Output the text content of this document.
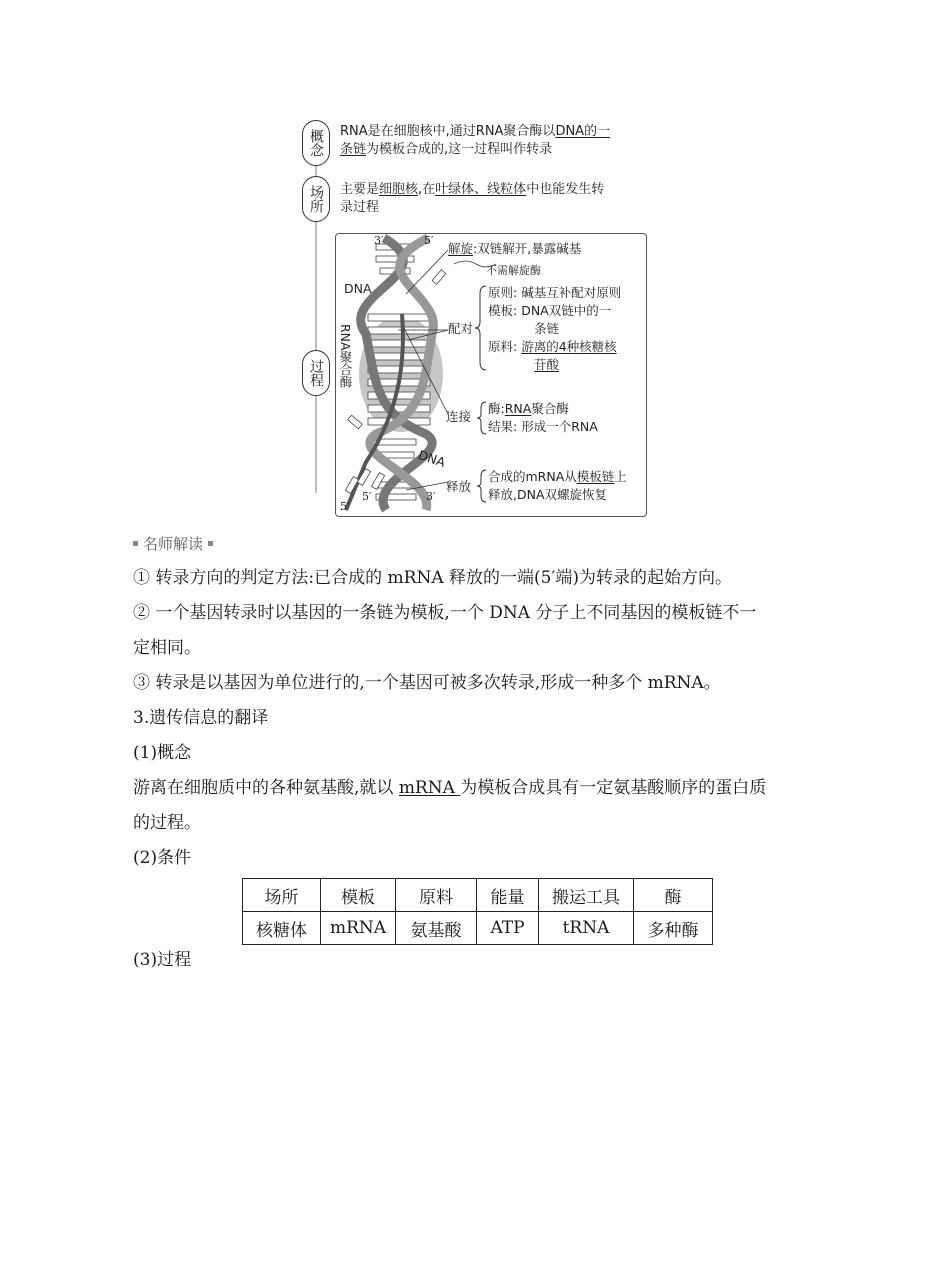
概念	RNA是在细胞核中,通过RNA聚合酶以DNA的一
条链为模板合成的,这一过程叫作转录
场所	主要是细胞核,在叶绿体、线粒体中也能发生转
录过程
过程
3′	5′
DNA
RNA聚合酶
DNA
5′
5′	3′
解旋:双链解开,暴露碱基
不需解旋酶
配对
原则: 碱基互补配对原则
模板: DNA双链中的一
条链
原料: 游离的4种核糖核
苷酸
连接
酶:RNA聚合酶
结果: 形成一个RNA
释放
合成的mRNA从模板链上
释放,DNA双螺旋恢复
名师解读
① 转录方向的判定方法:已合成的 mRNA 释放的一端(5′端)为转录的起始方向。
② 一个基因转录时以基因的一条链为模板,一个 DNA 分子上不同基因的模板链不一
定相同。
③ 转录是以基因为单位进行的,一个基因可被多次转录,形成一种多个 mRNA。
3.遗传信息的翻译
(1)概念
游离在细胞质中的各种氨基酸,就以 mRNA 为模板合成具有一定氨基酸顺序的蛋白质
的过程。
(2)条件
场所	模板	原料	能量	搬运工具	酶
核糖体	mRNA	氨基酸	ATP	tRNA	多种酶
(3)过程
